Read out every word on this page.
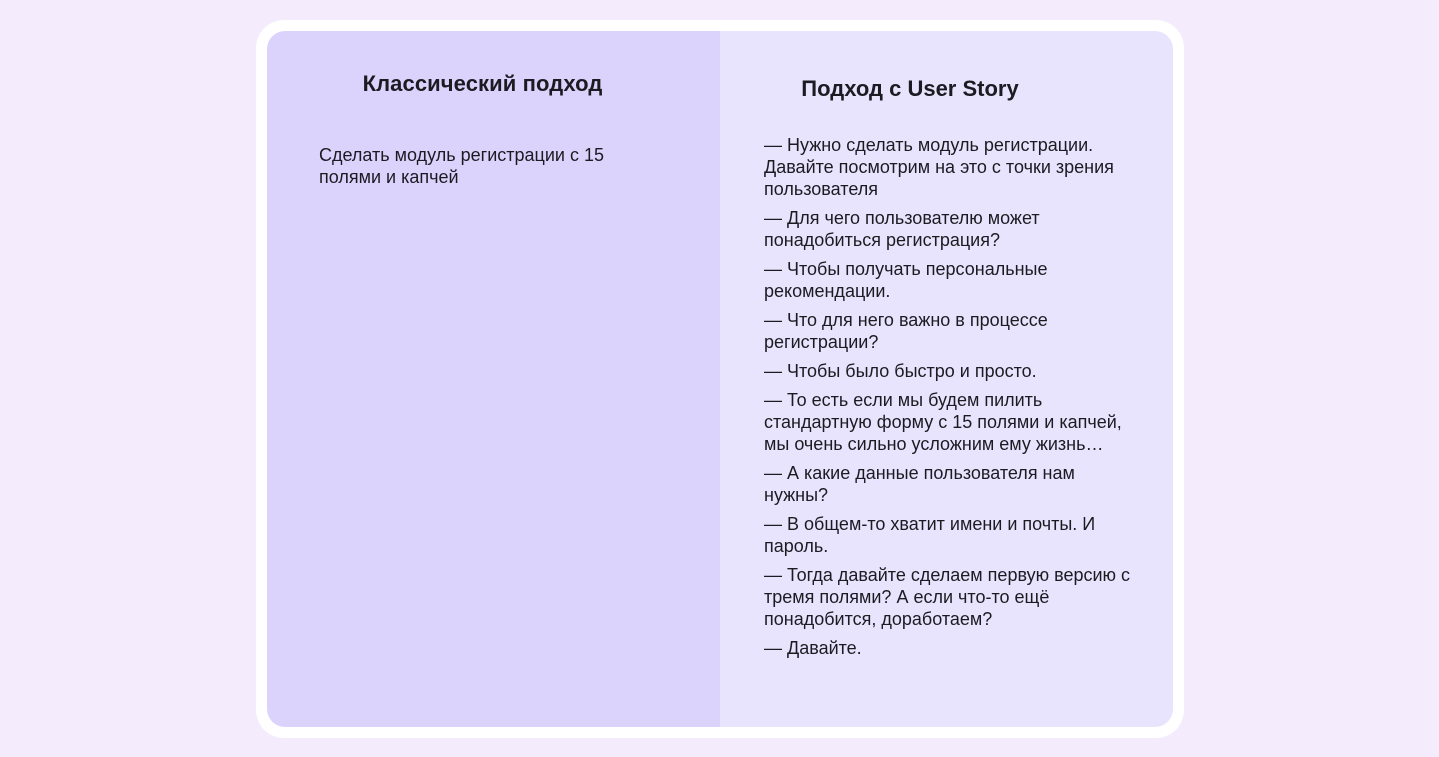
Классический подход
Сделать модуль регистрации с 15 полями и капчей
Подход с User Story
— Нужно сделать модуль регистрации. Давайте посмотрим на это с точки зрения пользователя
— Для чего пользователю может понадобиться регистрация?
— Чтобы получать персональные рекомендации.
— Что для него важно в процессе регистрации?
— Чтобы было быстро и просто.
— То есть если мы будем пилить стандартную форму с 15 полями и капчей, мы очень сильно усложним ему жизнь…
— А какие данные пользователя нам нужны?
— В общем-то хватит имени и почты. И пароль.
— Тогда давайте сделаем первую версию с тремя полями? А если что-то ещё понадобится, доработаем?
— Давайте.
